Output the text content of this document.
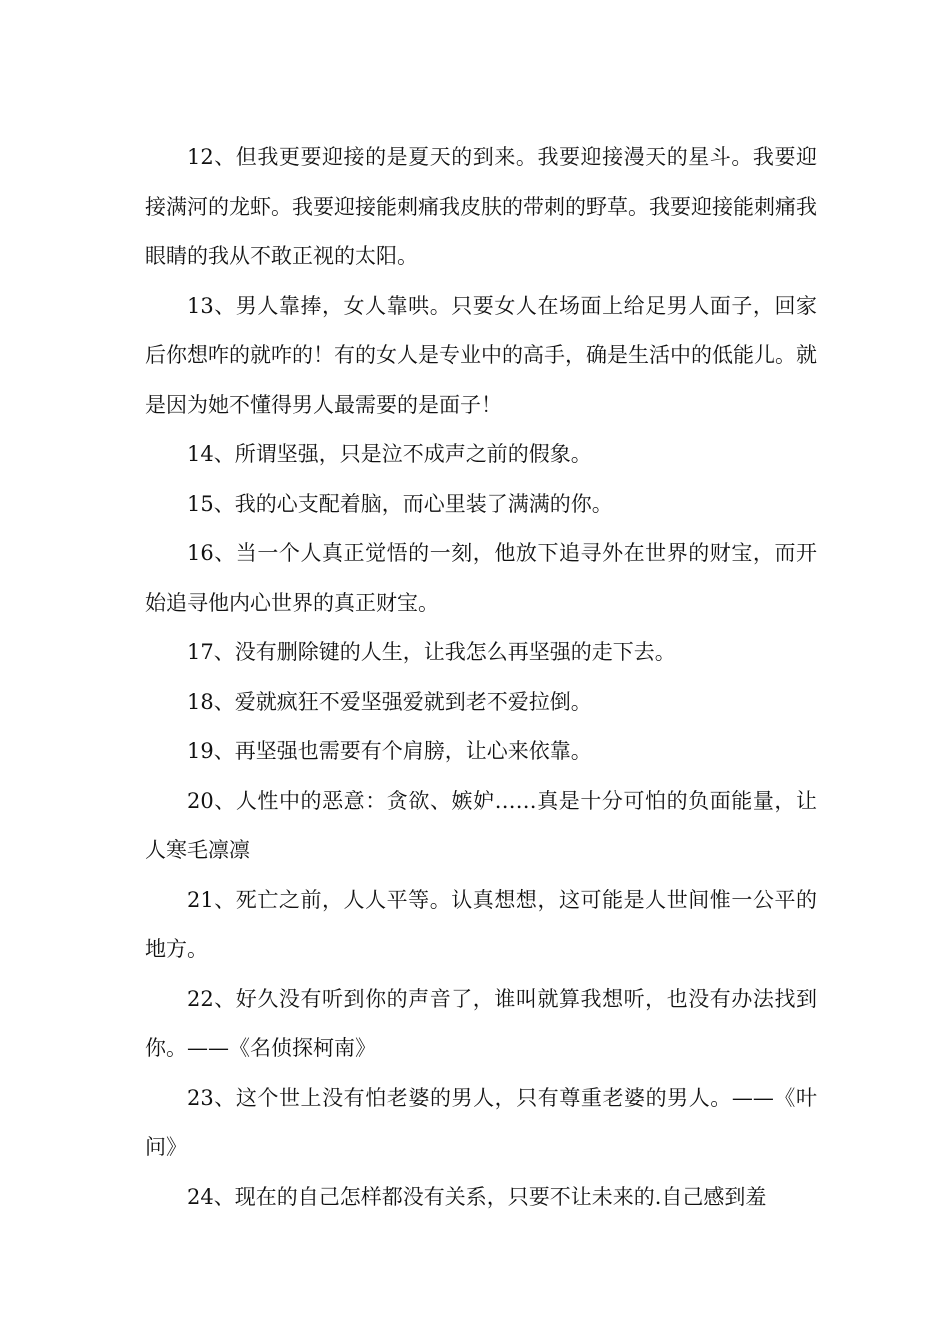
12、但我更要迎接的是夏天的到来。我要迎接漫天的星斗。我要迎接满河的龙虾。我要迎接能刺痛我皮肤的带刺的野草。我要迎接能刺痛我眼睛的我从不敢正视的太阳。

13、男人靠捧，女人靠哄。只要女人在场面上给足男人面子，回家后你想咋的就咋的！有的女人是专业中的高手，确是生活中的低能儿。就是因为她不懂得男人最需要的是面子！

14、所谓坚强，只是泣不成声之前的假象。

15、我的心支配着脑，而心里装了满满的你。

16、当一个人真正觉悟的一刻，他放下追寻外在世界的财宝，而开始追寻他内心世界的真正财宝。

17、没有删除键的人生，让我怎么再坚强的走下去。

18、爱就疯狂不爱坚强爱就到老不爱拉倒。

19、再坚强也需要有个肩膀，让心来依靠。

20、人性中的恶意：贪欲、嫉妒……真是十分可怕的负面能量，让人寒毛凛凛

21、死亡之前，人人平等。认真想想，这可能是人世间惟一公平的地方。

22、好久没有听到你的声音了，谁叫就算我想听，也没有办法找到你。——《名侦探柯南》

23、这个世上没有怕老婆的男人，只有尊重老婆的男人。——《叶问》

24、现在的自己怎样都没有关系，只要不让未来的.自己感到羞
